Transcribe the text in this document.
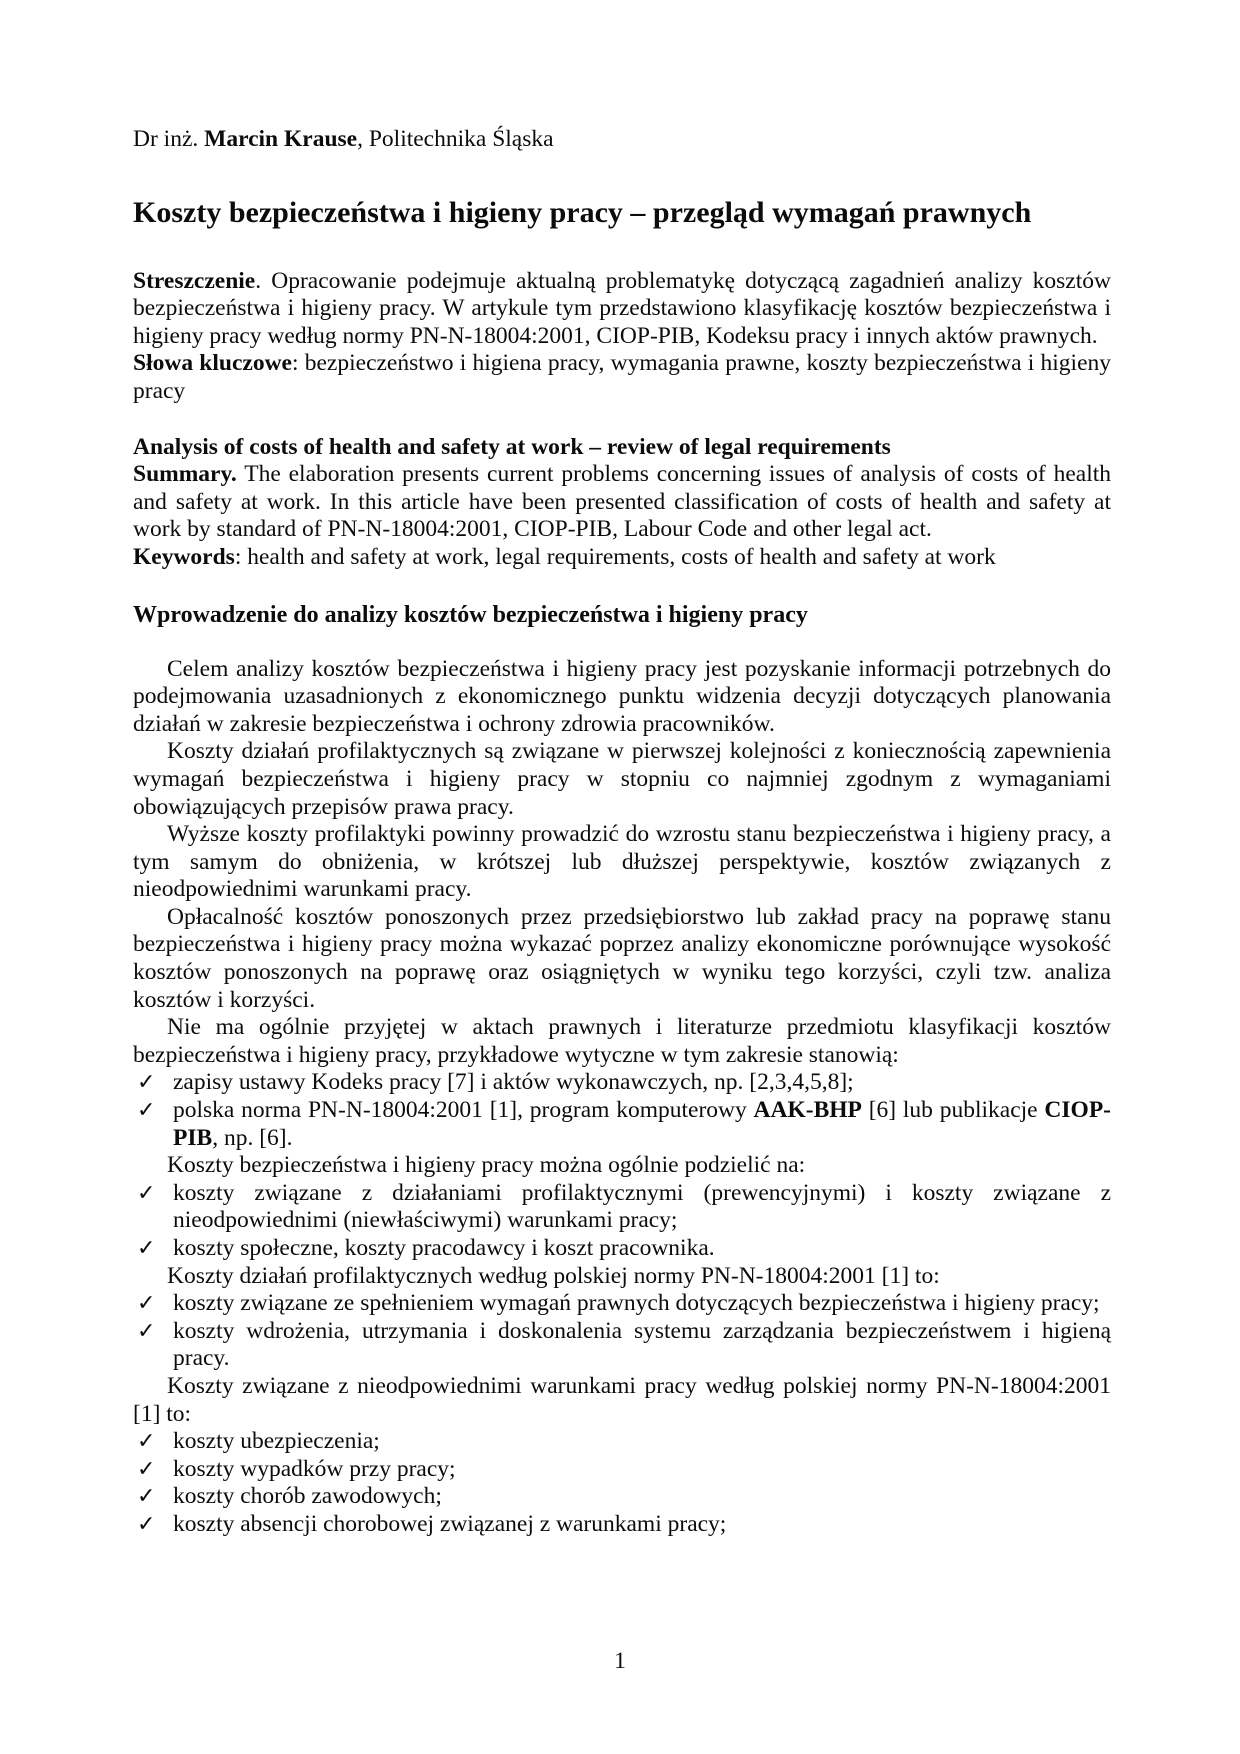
Dr inż. Marcin Krause, Politechnika Śląska

Koszty bezpieczeństwa i higieny pracy – przegląd wymagań prawnych

Streszczenie. Opracowanie podejmuje aktualną problematykę dotyczącą zagadnień analizy kosztów bezpieczeństwa i higieny pracy. W artykule tym przedstawiono klasyfikację kosztów bezpieczeństwa i higieny pracy według normy PN-N-18004:2001, CIOP-PIB, Kodeksu pracy i innych aktów prawnych.

Słowa kluczowe: bezpieczeństwo i higiena pracy, wymagania prawne, koszty bezpieczeństwa i higieny pracy

Analysis of costs of health and safety at work – review of legal requirements

Summary. The elaboration presents current problems concerning issues of analysis of costs of health and safety at work. In this article have been presented classification of costs of health and safety at work by standard of PN-N-18004:2001, CIOP-PIB, Labour Code and other legal act.

Keywords: health and safety at work, legal requirements, costs of health and safety at work

Wprowadzenie do analizy kosztów bezpieczeństwa i higieny pracy

Celem analizy kosztów bezpieczeństwa i higieny pracy jest pozyskanie informacji potrzebnych do podejmowania uzasadnionych z ekonomicznego punktu widzenia decyzji dotyczących planowania działań w zakresie bezpieczeństwa i ochrony zdrowia pracowników.

Koszty działań profilaktycznych są związane w pierwszej kolejności z koniecznością zapewnienia wymagań bezpieczeństwa i higieny pracy w stopniu co najmniej zgodnym z wymaganiami obowiązujących przepisów prawa pracy.

Wyższe koszty profilaktyki powinny prowadzić do wzrostu stanu bezpieczeństwa i higieny pracy, a tym samym do obniżenia, w krótszej lub dłuższej perspektywie, kosztów związanych z nieodpowiednimi warunkami pracy.

Opłacalność kosztów ponoszonych przez przedsiębiorstwo lub zakład pracy na poprawę stanu bezpieczeństwa i higieny pracy można wykazać poprzez analizy ekonomiczne porównujące wysokość kosztów ponoszonych na poprawę oraz osiągniętych w wyniku tego korzyści, czyli tzw. analiza kosztów i korzyści.

Nie ma ogólnie przyjętej w aktach prawnych i literaturze przedmiotu klasyfikacji kosztów bezpieczeństwa i higieny pracy, przykładowe wytyczne w tym zakresie stanowią:

✓ zapisy ustawy Kodeks pracy [7] i aktów wykonawczych, np. [2,3,4,5,8];
✓ polska norma PN-N-18004:2001 [1], program komputerowy AAK-BHP [6] lub publikacje CIOP-PIB, np. [6].

Koszty bezpieczeństwa i higieny pracy można ogólnie podzielić na:

✓ koszty związane z działaniami profilaktycznymi (prewencyjnymi) i koszty związane z nieodpowiednimi (niewłaściwymi) warunkami pracy;
✓ koszty społeczne, koszty pracodawcy i koszt pracownika.

Koszty działań profilaktycznych według polskiej normy PN-N-18004:2001 [1] to:

✓ koszty związane ze spełnieniem wymagań prawnych dotyczących bezpieczeństwa i higieny pracy;
✓ koszty wdrożenia, utrzymania i doskonalenia systemu zarządzania bezpieczeństwem i higieną pracy.

Koszty związane z nieodpowiednimi warunkami pracy według polskiej normy PN-N-18004:2001 [1] to:

✓ koszty ubezpieczenia;
✓ koszty wypadków przy pracy;
✓ koszty chorób zawodowych;
✓ koszty absencji chorobowej związanej z warunkami pracy;
1
